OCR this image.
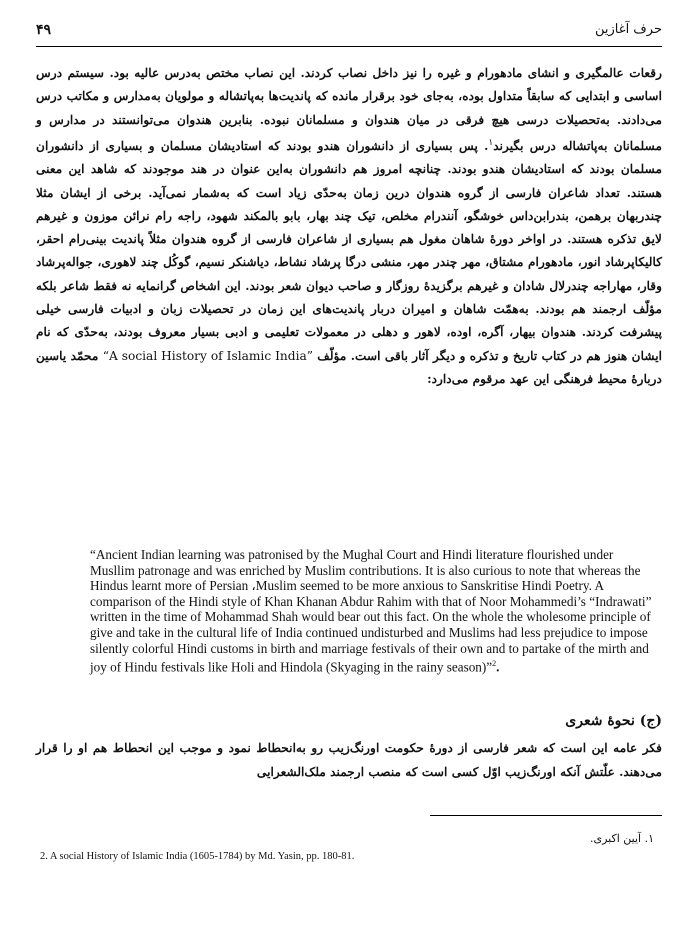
۴۹	حرف آغازین
رقعات عالمگیری و انشای مادهورام و غیره را نیز داخل نصاب کردند. این نصاب مختص به‌درس عالیه بود. سیستم درس اساسی و ابتدایی که سابقاً متداول بوده، به‌جای خود برقرار مانده که پاندیت‌ها به‌پاتشاله و مولویان به‌مدارس و مکاتب درس می‌دادند. به‌تحصیلات درسی هیچ فرقی در میان هندوان و مسلمانان نبوده. بنابرین هندوان می‌توانستند در مدارس و مسلمانان به‌پاتشاله درس بگیرند$^۱$. پس بسیاری از دانشوران هندو بودند که استادیشان مسلمان و بسیاری از دانشوران مسلمان بودند که استادیشان هندو بودند. چنانچه امروز هم دانشوران به‌این عنوان در هند موجودند که شاهد این معنی هستند. تعداد شاعران فارسی از گروه هندوان درین زمان به‌حدّی زیاد است که به‌شمار نمی‌آید. برخی از ایشان مثلا چندربهان برهمن، بندرابن‌داس خوشگو، آنندرام مخلص، تیک چند بهار، بابو بالمکند شهود، راجه رام نرائن موزون و غیرهم لایق تذکره هستند. در اواخر دورهٔ شاهان مغول هم بسیاری از شاعران فارسی از گروه هندوان مثلاً پاندیت بینی‌رام احقر، کالیکاپرشاد انور، مادهورام مشتاق، مهر چندر مهر، منشی درگا پرشاد نشاط، دیاشنکر نسیم، گوکُل چند لاهوری، جواله‌پرشاد وقار، مهاراجه چندرلال شادان و غیرهم برگزیدهٔ روزگار و صاحب دیوان شعر بودند. این اشخاص گرانمایه نه فقط شاعر بلکه مؤلّف ارجمند هم بودند. به‌همّت شاهان و امیران دربار پاندیت‌های این زمان در تحصیلات زبان و ادبیات فارسی خیلی پیشرفت کردند. هندوان بیهار، آگره، اوده، لاهور و دهلی در معمولات تعلیمی و ادبی بسیار معروف بودند، به‌حدّی که نام ایشان هنوز هم در کتاب تاریخ و تذکره و دیگر آثار باقی است. مؤلّف “A social History of Islamic India” محمّد یاسین دربارهٔ محیط فرهنگی این عهد مرقوم می‌دارد:
“Ancient Indian learning was patronised by the Mughal Court and Hindi literature flourished under Musllim patronage and was enriched by Muslim contributions. It is also curious to note that whereas the Hindus learnt more of Persian ،Muslim seemed to be more anxious to Sanskritise Hindi Poetry. A comparison of the Hindi style of Khan Khanan Abdur Rahim with that of Noor Mohammedi’s “Indrawati” written in the time of Mohammad Shah would bear out this fact. On the whole the wholesome principle of give and take in the cultural life of India continued undisturbed and Muslims had less prejudice to impose silently colorful Hindi customs in birth and marriage festivals of their own and to partake of the mirth and joy of Hindu festivals like Holi and Hindola (Skyaging in the rainy season)”$^2$.
(ج) نحوهٔ شعری
فکر عامه این است که شعر فارسی از دورهٔ حکومت اورنگ‌زیب رو به‌انحطاط نمود و موجب این انحطاط هم او را قرار می‌دهند. علّتش آنکه اورنگ‌زیب اوّل کسی است که منصب ارجمند ملک‌الشعرایی
۱. آیین اکبری.
2. A social History of Islamic India (1605-1784) by Md. Yasin, pp. 180-81.
